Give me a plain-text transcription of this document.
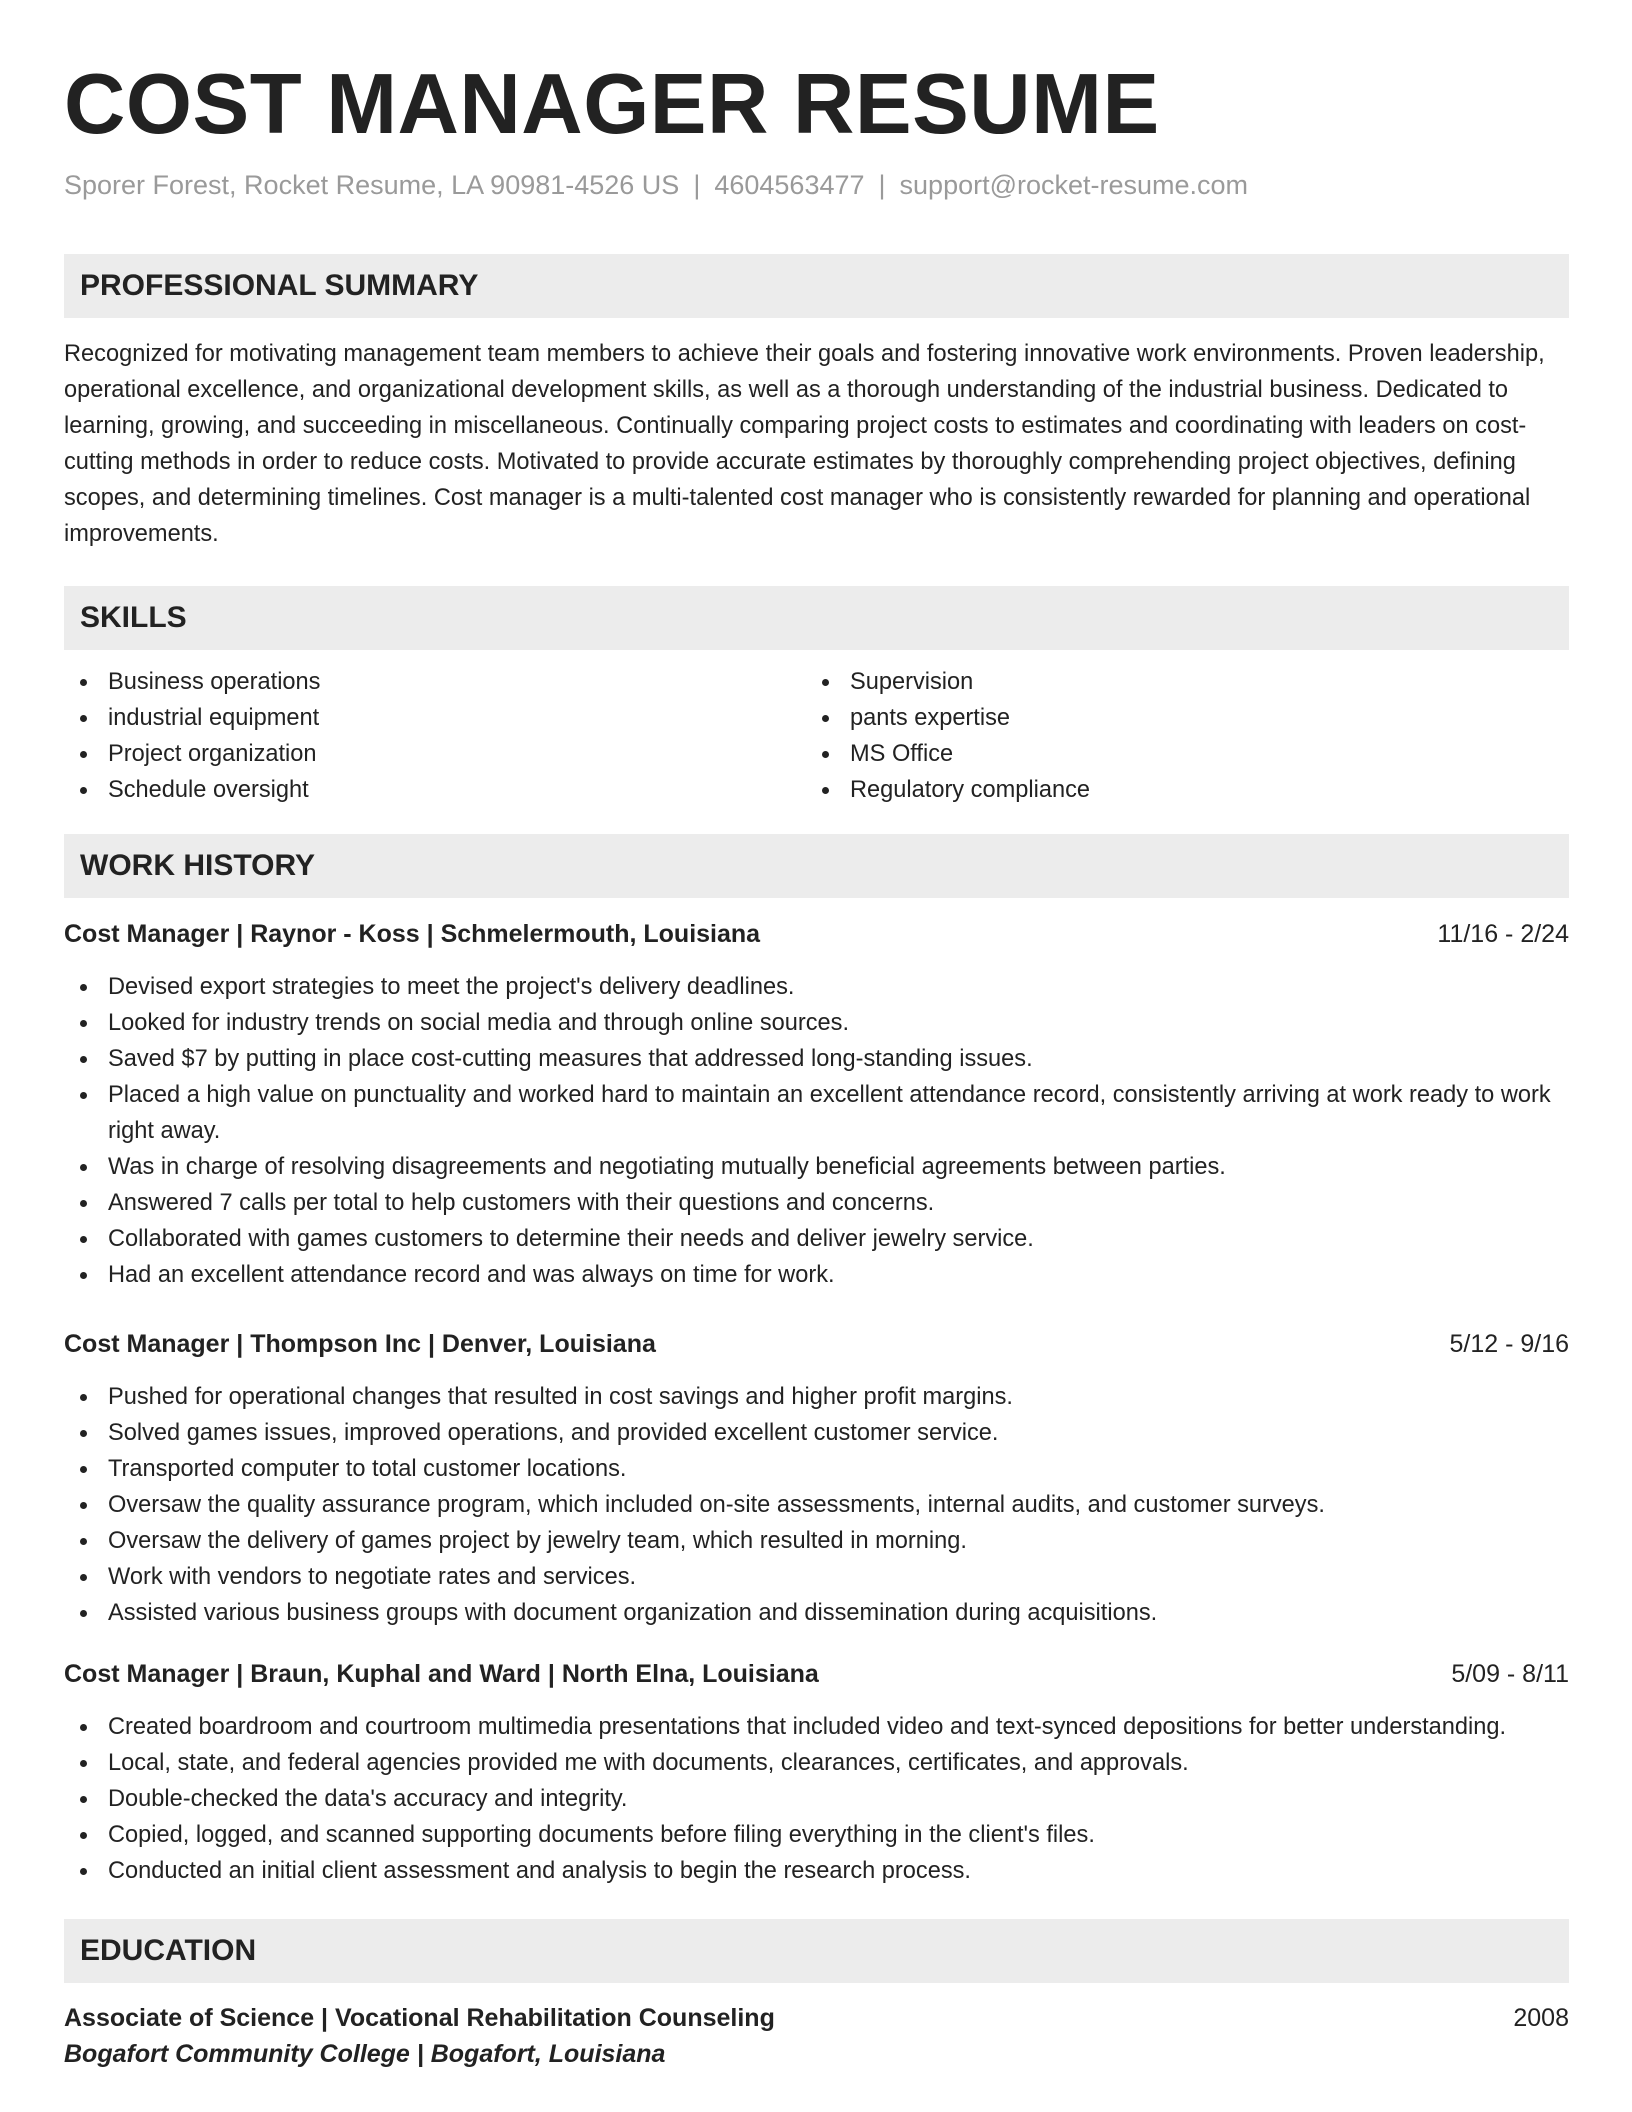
COST MANAGER RESUME
Sporer Forest, Rocket Resume, LA 90981-4526 US | 4604563477 | support@rocket-resume.com
PROFESSIONAL SUMMARY

Recognized for motivating management team members to achieve their goals and fostering innovative work environments. Proven leadership, operational excellence, and organizational development skills, as well as a thorough understanding of the industrial business. Dedicated to learning, growing, and succeeding in miscellaneous. Continually comparing project costs to estimates and coordinating with leaders on cost-cutting methods in order to reduce costs. Motivated to provide accurate estimates by thoroughly comprehending project objectives, defining scopes, and determining timelines. Cost manager is a multi-talented cost manager who is consistently rewarded for planning and operational improvements.

SKILLS
Business operations
industrial equipment
Project organization
Schedule oversight
Supervision
pants expertise
MS Office
Regulatory compliance
WORK HISTORY
Cost Manager | Raynor - Koss | Schmelermouth, Louisiana	11/16 - 2/24
Devised export strategies to meet the project's delivery deadlines.
Looked for industry trends on social media and through online sources.
Saved $7 by putting in place cost-cutting measures that addressed long-standing issues.
Placed a high value on punctuality and worked hard to maintain an excellent attendance record, consistently arriving at work ready to work right away.
Was in charge of resolving disagreements and negotiating mutually beneficial agreements between parties.
Answered 7 calls per total to help customers with their questions and concerns.
Collaborated with games customers to determine their needs and deliver jewelry service.
Had an excellent attendance record and was always on time for work.
Cost Manager | Thompson Inc | Denver, Louisiana	5/12 - 9/16
Pushed for operational changes that resulted in cost savings and higher profit margins.
Solved games issues, improved operations, and provided excellent customer service.
Transported computer to total customer locations.
Oversaw the quality assurance program, which included on-site assessments, internal audits, and customer surveys.
Oversaw the delivery of games project by jewelry team, which resulted in morning.
Work with vendors to negotiate rates and services.
Assisted various business groups with document organization and dissemination during acquisitions.
Cost Manager | Braun, Kuphal and Ward | North Elna, Louisiana	5/09 - 8/11
Created boardroom and courtroom multimedia presentations that included video and text-synced depositions for better understanding.
Local, state, and federal agencies provided me with documents, clearances, certificates, and approvals.
Double-checked the data's accuracy and integrity.
Copied, logged, and scanned supporting documents before filing everything in the client's files.
Conducted an initial client assessment and analysis to begin the research process.
EDUCATION
Associate of Science | Vocational Rehabilitation Counseling	2008
Bogafort Community College | Bogafort, Louisiana
